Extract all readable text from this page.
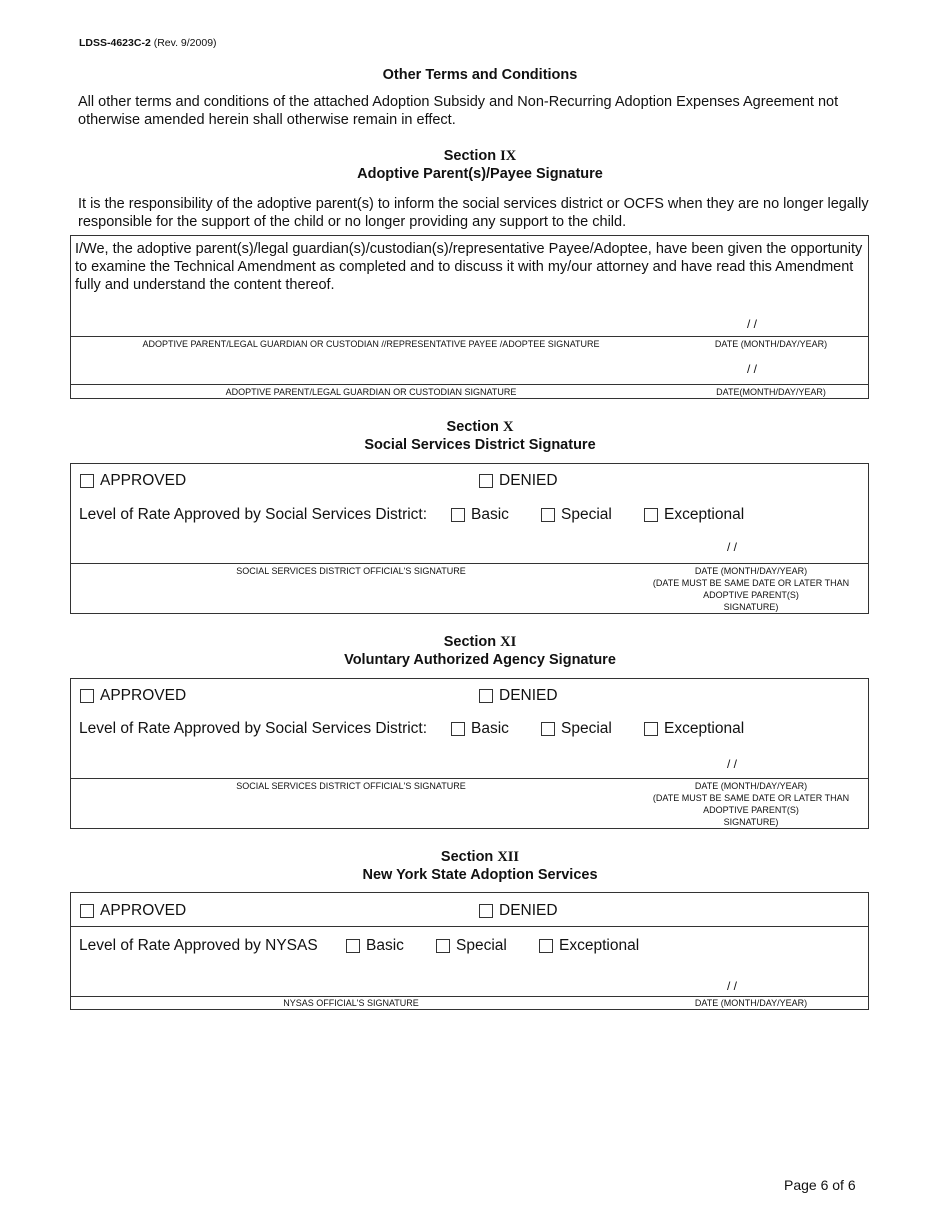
LDSS-4623C-2 (Rev. 9/2009)
Other Terms and Conditions
All other terms and conditions of the attached Adoption Subsidy and Non-Recurring Adoption Expenses Agreement not otherwise amended herein shall otherwise remain in effect.
Section IX
Adoptive Parent(s)/Payee Signature
It is the responsibility of the adoptive parent(s) to inform the social services district or OCFS when they are no longer legally responsible for the support of the child or no longer providing any support to the child.
I/We, the adoptive parent(s)/legal guardian(s)/custodian(s)/representative Payee/Adoptee, have been given the opportunity to examine the Technical Amendment as completed and to discuss it with my/our attorney and have read this Amendment fully and understand the content thereof.
/ /
ADOPTIVE PARENT/LEGAL GUARDIAN OR CUSTODIAN //REPRESENTATIVE PAYEE /ADOPTEE SIGNATURE	DATE (MONTH/DAY/YEAR)
/ /
ADOPTIVE PARENT/LEGAL GUARDIAN OR CUSTODIAN SIGNATURE	DATE(MONTH/DAY/YEAR)
Section X
Social Services District Signature
APPROVED	DENIED
Level of Rate Approved by Social Services District:	Basic	Special	Exceptional
/ /
SOCIAL SERVICES DISTRICT OFFICIAL'S SIGNATURE	DATE (MONTH/DAY/YEAR)
(DATE MUST BE SAME DATE OR LATER THAN
ADOPTIVE PARENT(S)
SIGNATURE)
Section XI
Voluntary Authorized Agency Signature
APPROVED	DENIED
Level of Rate Approved by Social Services District:	Basic	Special	Exceptional
/ /
SOCIAL SERVICES DISTRICT OFFICIAL'S SIGNATURE	DATE (MONTH/DAY/YEAR)
(DATE MUST BE SAME DATE OR LATER THAN
ADOPTIVE PARENT(S)
SIGNATURE)
Section XII
New York State Adoption Services
APPROVED	DENIED
Level of Rate Approved by NYSAS	Basic	Special	Exceptional
/ /
NYSAS OFFICIAL'S SIGNATURE	DATE (MONTH/DAY/YEAR)
Page 6 of 6
